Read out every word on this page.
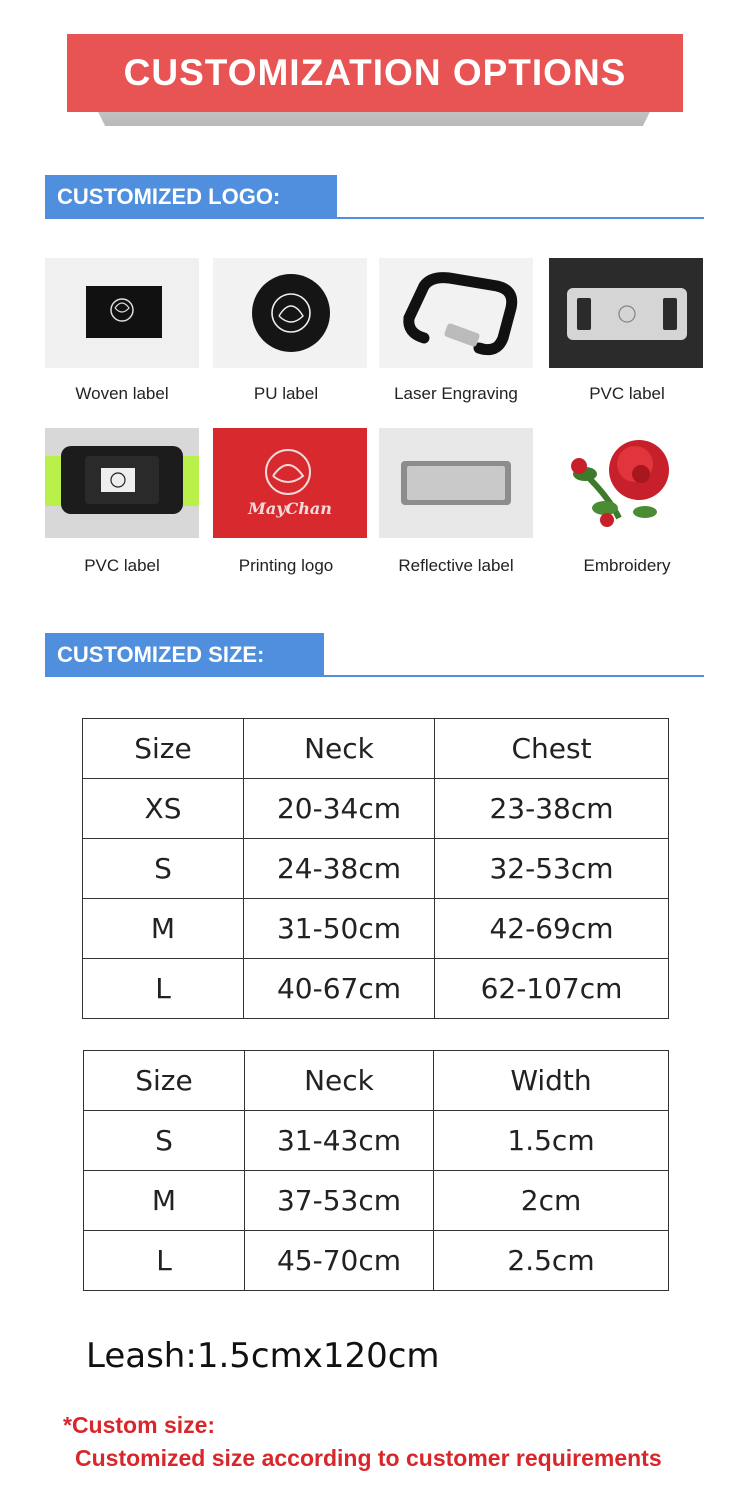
CUSTOMIZATION OPTIONS
CUSTOMIZED LOGO:
Woven label	PU label	Laser Engraving	PVC label
MayChan
PVC label	Printing logo	Reflective label	Embroidery
CUSTOMIZED SIZE:
Size	Neck	Chest
XS	20-34cm	23-38cm
S	24-38cm	32-53cm
M	31-50cm	42-69cm
L	40-67cm	62-107cm
Size	Neck	Width
S	31-43cm	1.5cm
M	37-53cm	2cm
L	45-70cm	2.5cm
Leash:1.5cmx120cm
*Custom size:
Customized size according to customer requirements
